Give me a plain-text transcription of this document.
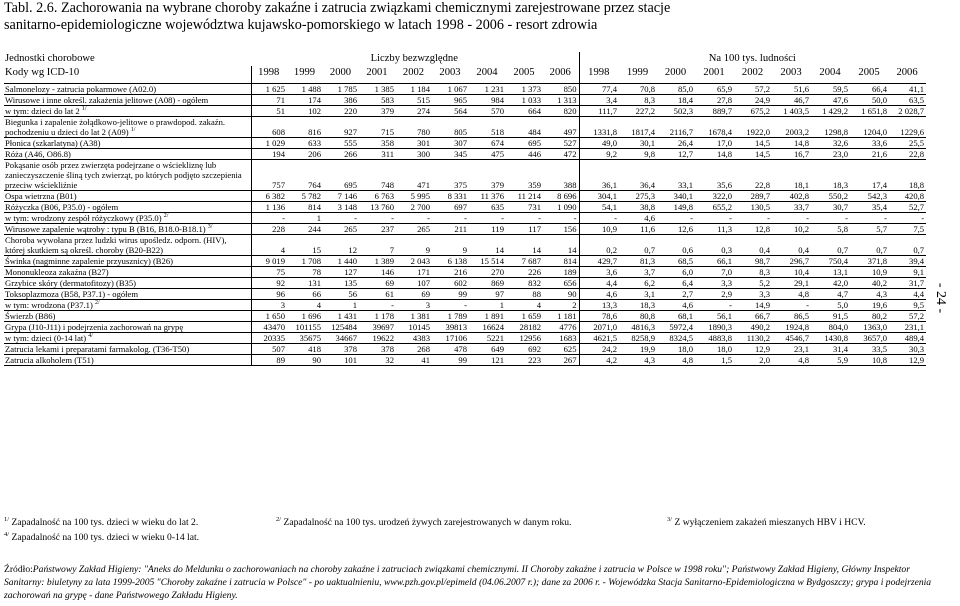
Tabl. 2.6. Zachorowania na wybrane choroby zakaźne i zatrucia związkami chemicznymi zarejestrowane przez stacje
sanitarno-epidemiologiczne województwa kujawsko-pomorskiego w latach 1998 - 2006 - resort zdrowia
Jednostki chorobowe	Liczby bezwzględne									Na 100 tys. ludności								
Kody wg ICD-10	1998	1999	2000	2001	2002	2003	2004	2005	2006	1998	1999	2000	2001	2002	2003	2004	2005	2006
Salmonelozy - zatrucia pokarmowe (A02.0)	1 625	1 488	1 785	1 385	1 184	1 067	1 231	1 373	850	77,4	70,8	85,0	65,9	57,2	51,6	59,5	66,4	41,1
Wirusowe i inne określ. zakażenia jelitowe (A08) - ogółem	71	174	386	583	515	965	984	1 033	1 313	3,4	8,3	18,4	27,8	24,9	46,7	47,6	50,0	63,5
w tym: dzieci do lat 2 $^{1/}$	51	102	220	379	274	564	570	664	820	111,7	227,2	502,3	889,7	675,2	1 403,5	1 429,2	1 651,8	2 028,7
Biegunka i zapalenie żołądkowo-jelitowe o prawdopod. zakaźn. pochodzeniu u dzieci do lat 2 (A09) $^{1/}$	608	816	927	715	780	805	518	484	497	1331,8	1817,4	2116,7	1678,4	1922,0	2003,2	1298,8	1204,0	1229,6
Płonica (szkarlatyna) (A38)	1 029	633	555	358	301	307	674	695	527	49,0	30,1	26,4	17,0	14,5	14,8	32,6	33,6	25,5
Róża (A46, O86.8)	194	206	266	311	300	345	475	446	472	9,2	9,8	12,7	14,8	14,5	16,7	23,0	21,6	22,8
Pokąsanie osób przez zwierzęta podejrzane o wściekliznę lub zanieczyszczenie śliną tych zwierząt, po których podjęto szczepienia przeciw wściekliźnie	757	764	695	748	471	375	379	359	388	36,1	36,4	33,1	35,6	22,8	18,1	18,3	17,4	18,8
Ospa wietrzna (B01)	6 382	5 782	7 146	6 763	5 995	8 331	11 376	11 214	8 696	304,1	275,3	340,1	322,0	289,7	402,8	550,2	542,3	420,8
Różyczka (B06, P35.0) - ogółem	1 136	814	3 148	13 760	2 700	697	635	731	1 090	54,1	38,8	149,8	655,2	130,5	33,7	30,7	35,4	52,7
w tym: wrodzony zespół różyczkowy (P35.0) $^{2/}$	-	1	-	-	-	-	-	-	-	-	4,6	-	-	-	-	-	-	-
Wirusowe zapalenie wątroby : typu B (B16, B18.0-B18.1) $^{3/}$	228	244	265	237	265	211	119	117	156	10,9	11,6	12,6	11,3	12,8	10,2	5,8	5,7	7,5
Choroba wywołana przez ludzki wirus upośledz. odporn. (HIV), której skutkiem są określ. choroby (B20-B22)	4	15	12	7	9	9	14	14	14	0,2	0,7	0,6	0,3	0,4	0,4	0,7	0,7	0,7
Świnka (nagminne zapalenie przyusznicy) (B26)	9 019	1 708	1 440	1 389	2 043	6 138	15 514	7 687	814	429,7	81,3	68,5	66,1	98,7	296,7	750,4	371,8	39,4
Mononukleoza zakaźna (B27)	75	78	127	146	171	216	270	226	189	3,6	3,7	6,0	7,0	8,3	10,4	13,1	10,9	9,1
Grzybice skóry (dermatofitozy) (B35)	92	131	135	69	107	602	869	832	656	4,4	6,2	6,4	3,3	5,2	29,1	42,0	40,2	31,7
Toksoplazmoza (B58, P37.1) - ogółem	96	66	56	61	69	99	97	88	90	4,6	3,1	2,7	2,9	3,3	4,8	4,7	4,3	4,4
w tym: wrodzona (P37.1) $^{2/}$	3	4	1	-	3	-	1	4	2	13,3	18,3	4,6	-	14,9	-	5,0	19,6	9,5
Świerzb (B86)	1 650	1 696	1 431	1 178	1 381	1 789	1 891	1 659	1 181	78,6	80,8	68,1	56,1	66,7	86,5	91,5	80,2	57,2
Grypa (J10-J11) i podejrzenia zachorowań na grypę	43470	101155	125484	39697	10145	39813	16624	28182	4776	2071,0	4816,3	5972,4	1890,3	490,2	1924,8	804,0	1363,0	231,1
w tym: dzieci (0-14 lat) $^{4/}$	20335	35675	34667	19622	4383	17106	5221	12956	1683	4621,5	8258,9	8324,5	4883,8	1130,2	4546,7	1430,8	3657,0	489,4
Zatrucia lekami i preparatami farmakolog. (T36-T50)	507	418	378	378	268	478	649	692	625	24,2	19,9	18,0	18,0	12,9	23,1	31,4	33,5	30,3
Zatrucia alkoholem (T51)	89	90	101	32	41	99	121	223	267	4,2	4,3	4,8	1,5	2,0	4,8	5,9	10,8	12,9
- 24 -
$^{1/}$ Zapadalność na 100 tys. dzieci w wieku do lat 2.	$^{2/}$ Zapadalność na 100 tys. urodzeń żywych zarejestrowanych w danym roku.	$^{3/}$ Z wyłączeniem zakażeń mieszanych HBV i HCV.
$^{4/}$ Zapadalność na 100 tys. dzieci w wieku 0-14 lat.
Źródło:Państwowy Zakład Higieny: "Aneks do Meldunku o zachorowaniach na choroby zakaźne i zatruciach związkami chemicznymi. II Choroby zakaźne i zatrucia w Polsce w 1998 roku"; Państwowy Zakład Higieny, Główny Inspektor Sanitarny: biuletyny za lata 1999-2005 "Choroby zakaźne i zatrucia w Polsce" - po uaktualnieniu, www.pzh.gov.pl/epimeld (04.06.2007 r.); dane za 2006 r. - Wojewódzka Stacja Sanitarno-Epidemiologiczna w Bydgoszczy; grypa i podejrzenia zachorowań na grypę - dane Państwowego Zakładu Higieny.
